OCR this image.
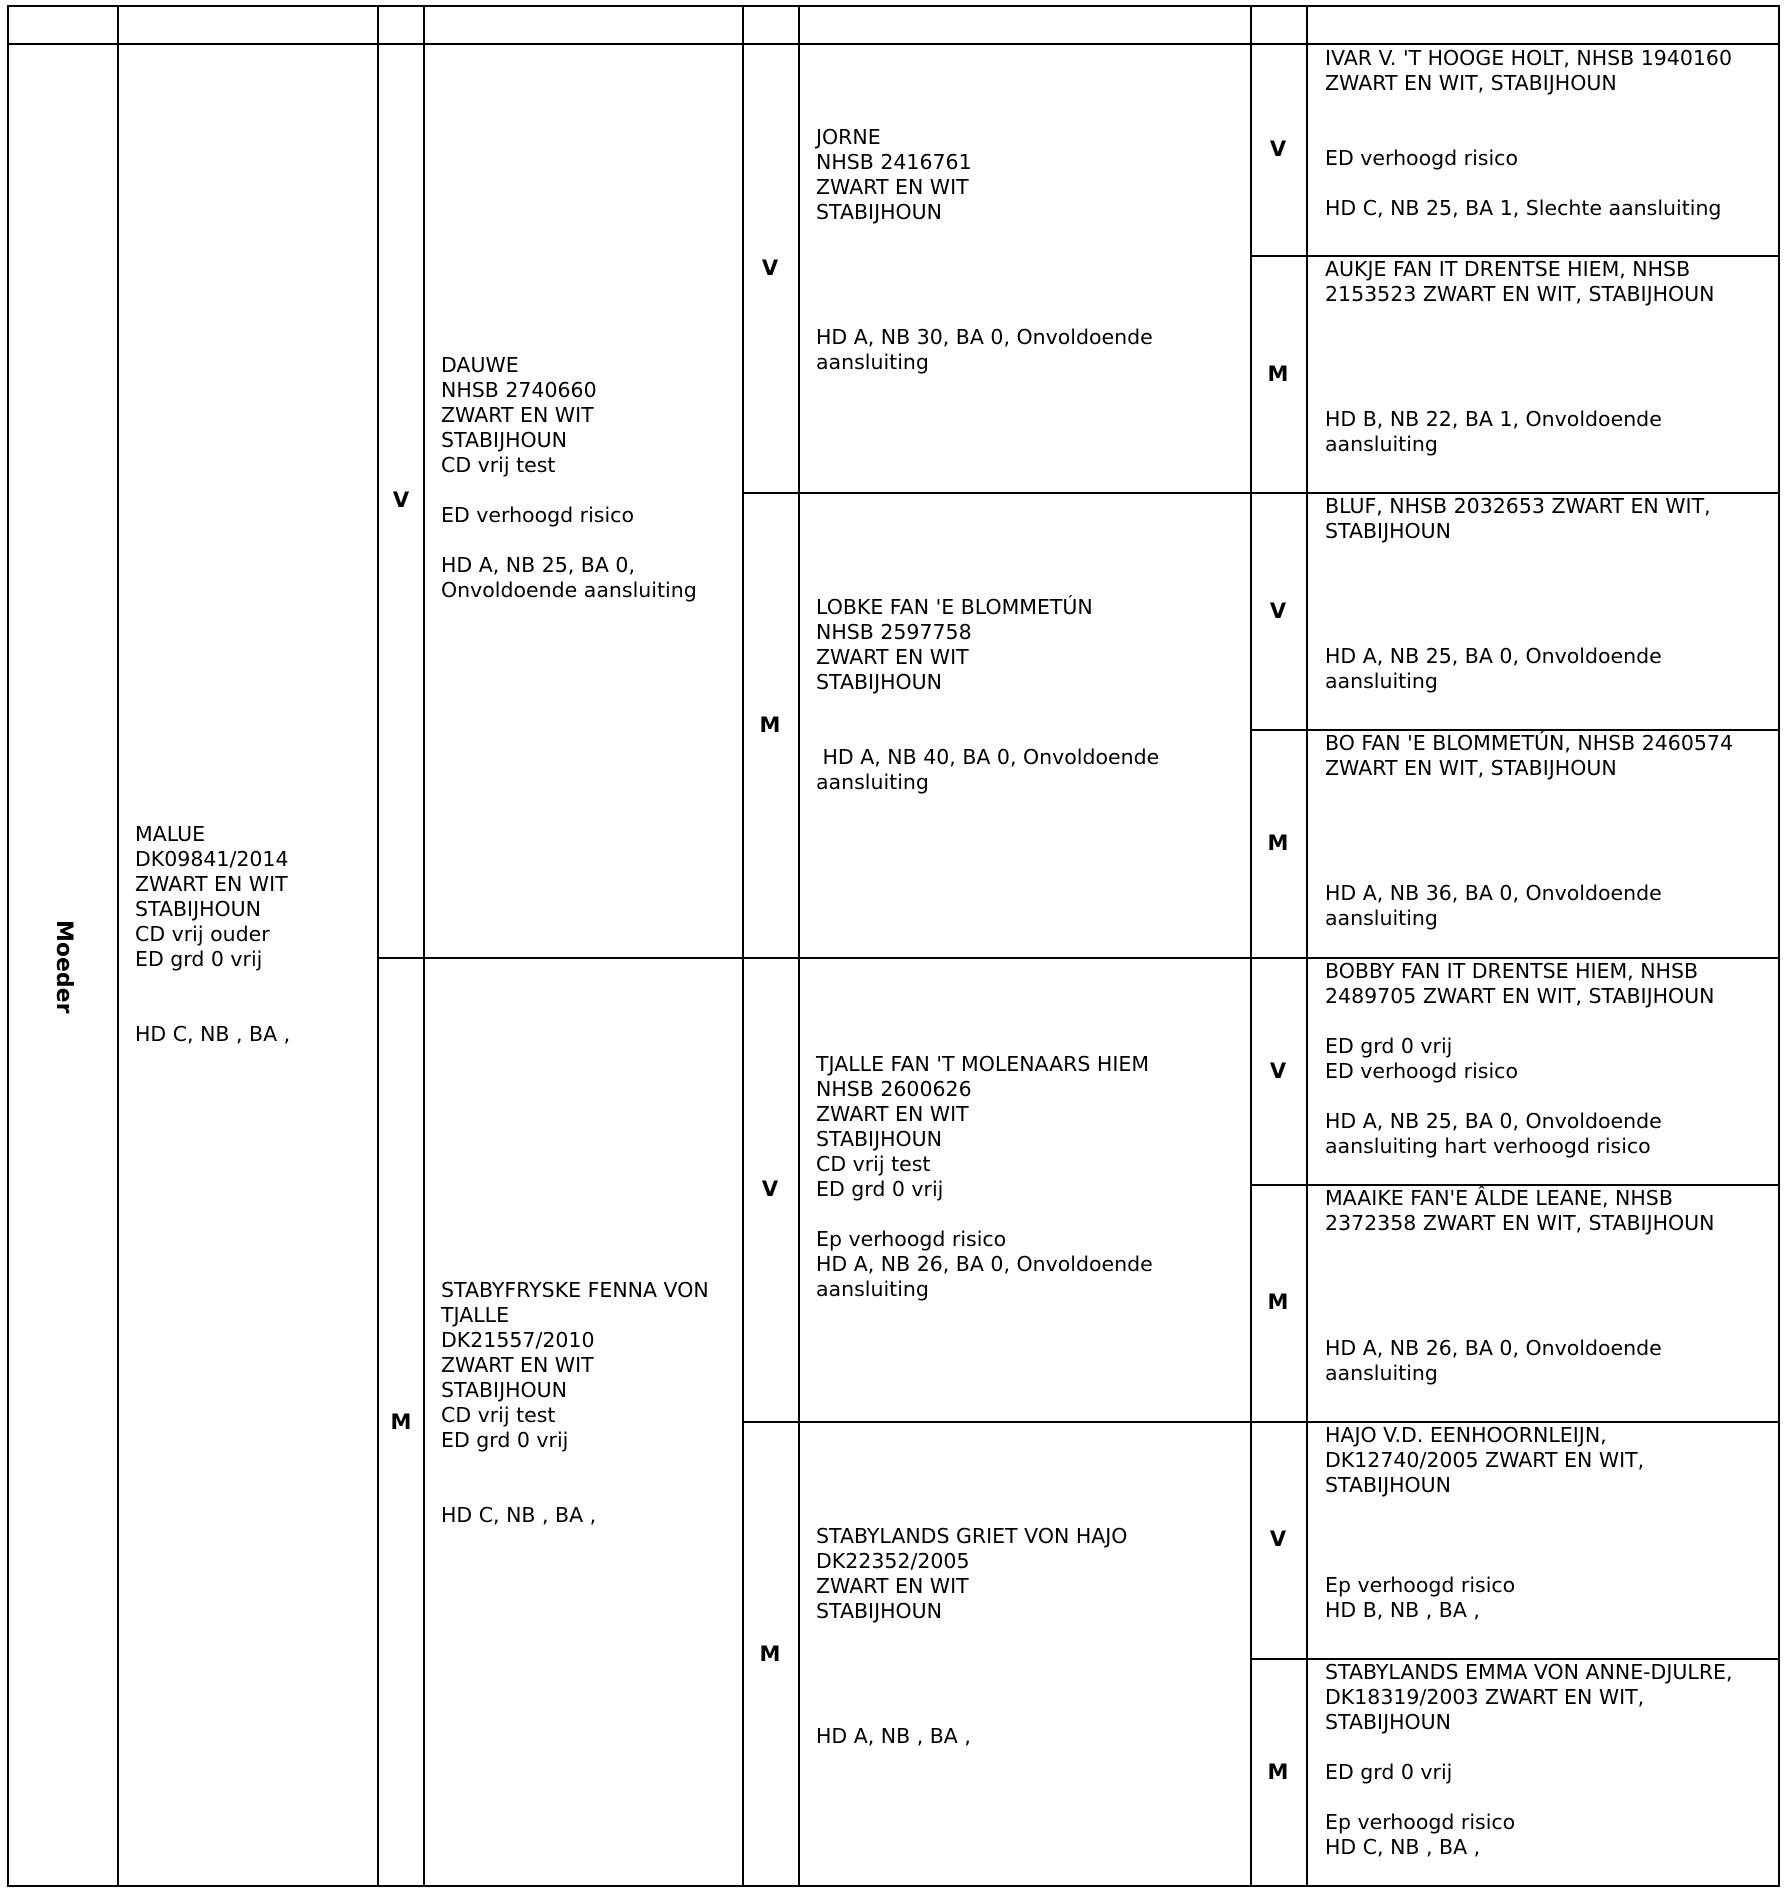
Moeder
MALUE
DK09841/2014
ZWART EN WIT
STABIJHOUN
CD vrij ouder
ED grd 0 vrij
HD C, NB , BA ,
V
DAUWE
NHSB 2740660
ZWART EN WIT
STABIJHOUN
CD vrij test
ED verhoogd risico
HD A, NB 25, BA 0,
Onvoldoende aansluiting
M
STABYFRYSKE FENNA VON
TJALLE
DK21557/2010
ZWART EN WIT
STABIJHOUN
CD vrij test
ED grd 0 vrij
HD C, NB , BA ,
V
JORNE
NHSB 2416761
ZWART EN WIT
STABIJHOUN
HD A, NB 30, BA 0, Onvoldoende
aansluiting
M
LOBKE FAN 'E BLOMMETÚN
NHSB 2597758
ZWART EN WIT
STABIJHOUN
HD A, NB 40, BA 0, Onvoldoende
aansluiting
V
TJALLE FAN 'T MOLENAARS HIEM
NHSB 2600626
ZWART EN WIT
STABIJHOUN
CD vrij test
ED grd 0 vrij
Ep verhoogd risico
HD A, NB 26, BA 0, Onvoldoende
aansluiting
M
STABYLANDS GRIET VON HAJO
DK22352/2005
ZWART EN WIT
STABIJHOUN
HD A, NB , BA ,
V
IVAR V. 'T HOOGE HOLT, NHSB 1940160
ZWART EN WIT, STABIJHOUN
ED verhoogd risico
HD C, NB 25, BA 1, Slechte aansluiting
M
AUKJE FAN IT DRENTSE HIEM, NHSB
2153523 ZWART EN WIT, STABIJHOUN
HD B, NB 22, BA 1, Onvoldoende
aansluiting
V
BLUF, NHSB 2032653 ZWART EN WIT,
STABIJHOUN
HD A, NB 25, BA 0, Onvoldoende
aansluiting
M
BO FAN 'E BLOMMETÚN, NHSB 2460574
ZWART EN WIT, STABIJHOUN
HD A, NB 36, BA 0, Onvoldoende
aansluiting
V
BOBBY FAN IT DRENTSE HIEM, NHSB
2489705 ZWART EN WIT, STABIJHOUN
ED grd 0 vrij
ED verhoogd risico
HD A, NB 25, BA 0, Onvoldoende
aansluiting hart verhoogd risico
M
MAAIKE FAN'E ÂLDE LEANE, NHSB
2372358 ZWART EN WIT, STABIJHOUN
HD A, NB 26, BA 0, Onvoldoende
aansluiting
V
HAJO V.D. EENHOORNLEIJN,
DK12740/2005 ZWART EN WIT,
STABIJHOUN
Ep verhoogd risico
HD B, NB , BA ,
M
STABYLANDS EMMA VON ANNE-DJULRE,
DK18319/2003 ZWART EN WIT,
STABIJHOUN
ED grd 0 vrij
Ep verhoogd risico
HD C, NB , BA ,
